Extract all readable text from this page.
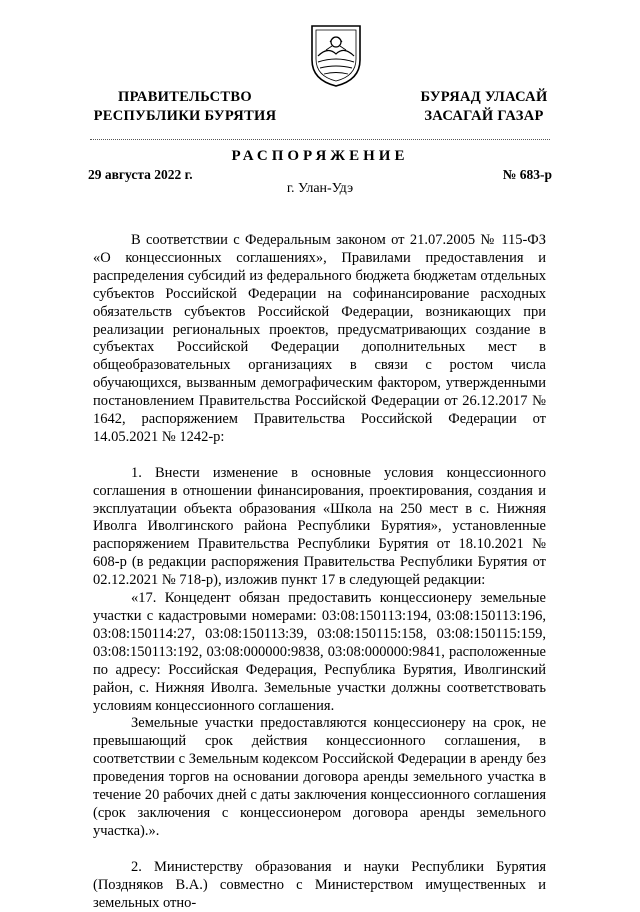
ПРАВИТЕЛЬСТВО
РЕСПУБЛИКИ БУРЯТИЯ
БУРЯАД УЛАСАЙ
ЗАСАГАЙ ГАЗАР
РАСПОРЯЖЕНИЕ
29 августа 2022 г.	№ 683-р
г. Улан-Удэ

В соответствии с Федеральным законом от 21.07.2005 № 115-ФЗ «О концессионных соглашениях», Правилами предоставления и распределения субсидий из федерального бюджета бюджетам отдельных субъектов Российской Федерации на софинансирование расходных обязательств субъектов Российской Федерации, возникающих при реализации региональных проектов, предусматривающих создание в субъектах Российской Федерации дополнительных мест в общеобразовательных организациях в связи с ростом числа обучающихся, вызванным демографическим фактором, утвержденными постановлением Правительства Российской Федерации от 26.12.2017 № 1642, распоряжением Правительства Российской Федерации от 14.05.2021 № 1242-р:

1. Внести изменение в основные условия концессионного соглашения в отношении финансирования, проектирования, создания и эксплуатации объекта образования «Школа на 250 мест в с. Нижняя Иволга Иволгинского района Республики Бурятия», установленные распоряжением Правительства Республики Бурятия от 18.10.2021 № 608-р (в редакции распоряжения Правительства Республики Бурятия от 02.12.2021 № 718-р), изложив пункт 17 в следующей редакции:

«17. Концедент обязан предоставить концессионеру земельные участки с кадастровыми номерами: 03:08:150113:194, 03:08:150113:196, 03:08:150114:27, 03:08:150113:39, 03:08:150115:158, 03:08:150115:159, 03:08:150113:192, 03:08:000000:9838, 03:08:000000:9841, расположенные по адресу: Российская Федерация, Республика Бурятия, Иволгинский район, с. Нижняя Иволга. Земельные участки должны соответствовать условиям концессионного соглашения.

Земельные участки предоставляются концессионеру на срок, не превышающий срок действия концессионного соглашения, в соответствии с Земельным кодексом Российской Федерации в аренду без проведения торгов на основании договора аренды земельного участка в течение 20 рабочих дней с даты заключения концессионного соглашения (срок заключения с концессионером договора аренды земельного участка).».

2. Министерству образования и науки Республики Бурятия (Поздняков В.А.) совместно с Министерством имущественных и земельных отно-
